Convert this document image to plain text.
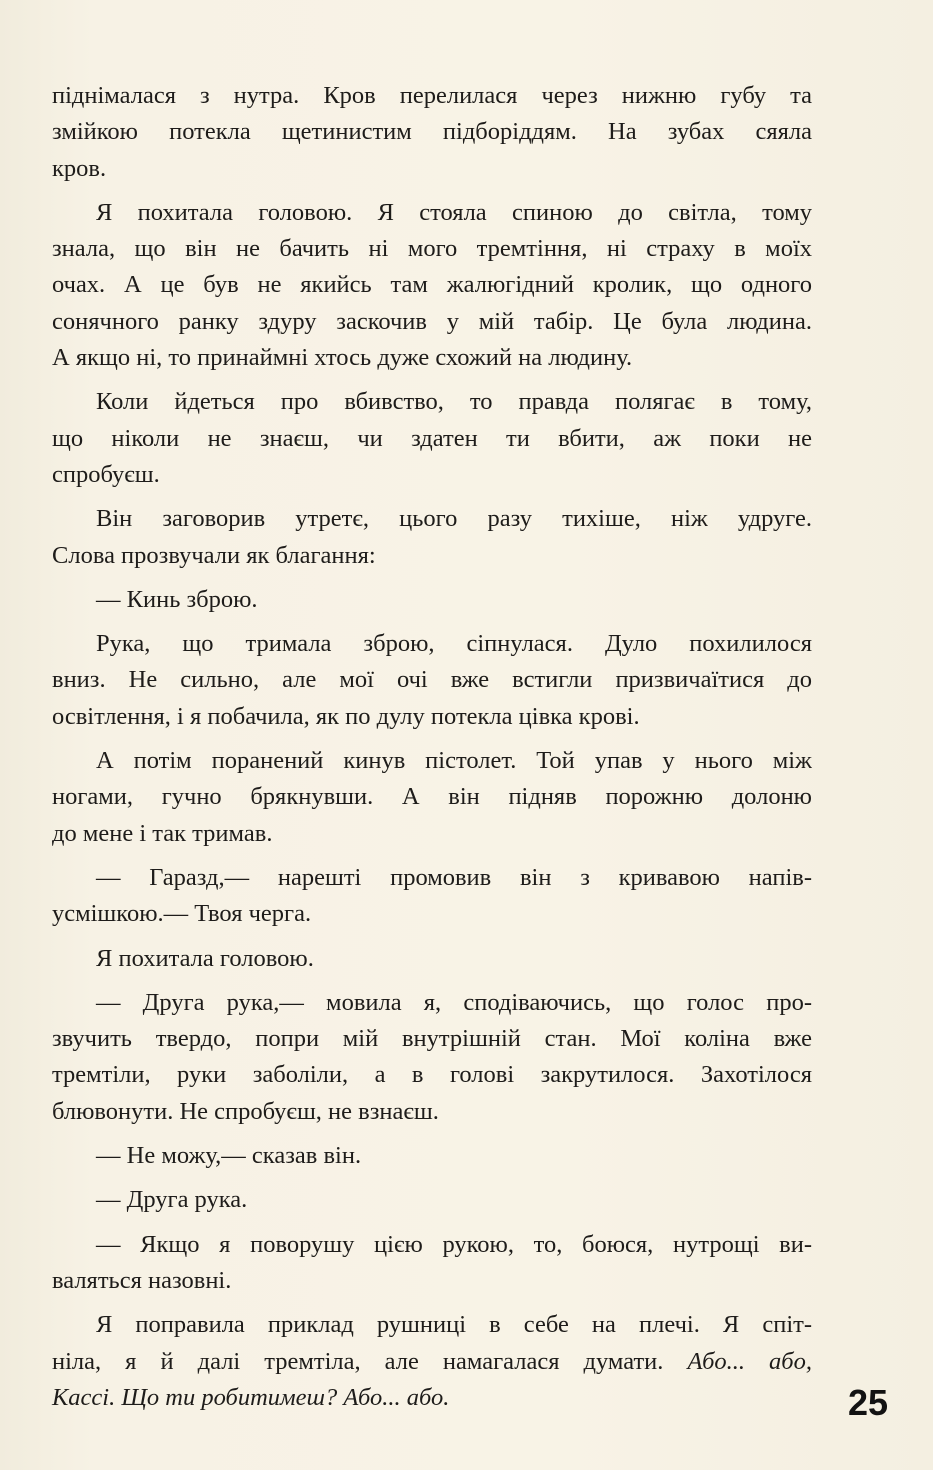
піднімалася з нутра. Кров перелилася через нижню губу та
змійкою потекла щетинистим підборіддям. На зубах сяяла
кров.
Я похитала головою. Я стояла спиною до світла, тому
знала, що він не бачить ні мого тремтіння, ні страху в моїх
очах. А це був не якийсь там жалюгідний кролик, що одного
сонячного ранку здуру заскочив у мій табір. Це була людина.
А якщо ні, то принаймні хтось дуже схожий на людину.
Коли йдеться про вбивство, то правда полягає в тому,
що ніколи не знаєш, чи здатен ти вбити, аж поки не
спробуєш.
Він заговорив утретє, цього разу тихіше, ніж удруге.
Слова прозвучали як благання:
— Кинь зброю.
Рука, що тримала зброю, сіпнулася. Дуло похилилося
вниз. Не сильно, але мої очі вже встигли призвичаїтися до
освітлення, і я побачила, як по дулу потекла цівка крові.
А потім поранений кинув пістолет. Той упав у нього між
ногами, гучно брякнувши. А він підняв порожню долоню
до мене і так тримав.
— Гаразд,— нарешті промовив він з кривавою напів-
усмішкою.— Твоя черга.
Я похитала головою.
— Друга рука,— мовила я, сподіваючись, що голос про-
звучить твердо, попри мій внутрішній стан. Мої коліна вже
тремтіли, руки заболіли, а в голові закрутилося. Захотілося
блювонути. Не спробуєш, не взнаєш.
— Не можу,— сказав він.
— Друга рука.
— Якщо я поворушу цією рукою, то, боюся, нутрощі ви-
валяться назовні.
Я поправила приклад рушниці в себе на плечі. Я спіт-
ніла, я й далі тремтіла, але намагалася думати. Абo... абo,
Кассі. Що ти робитимеш? Або... або.	25
